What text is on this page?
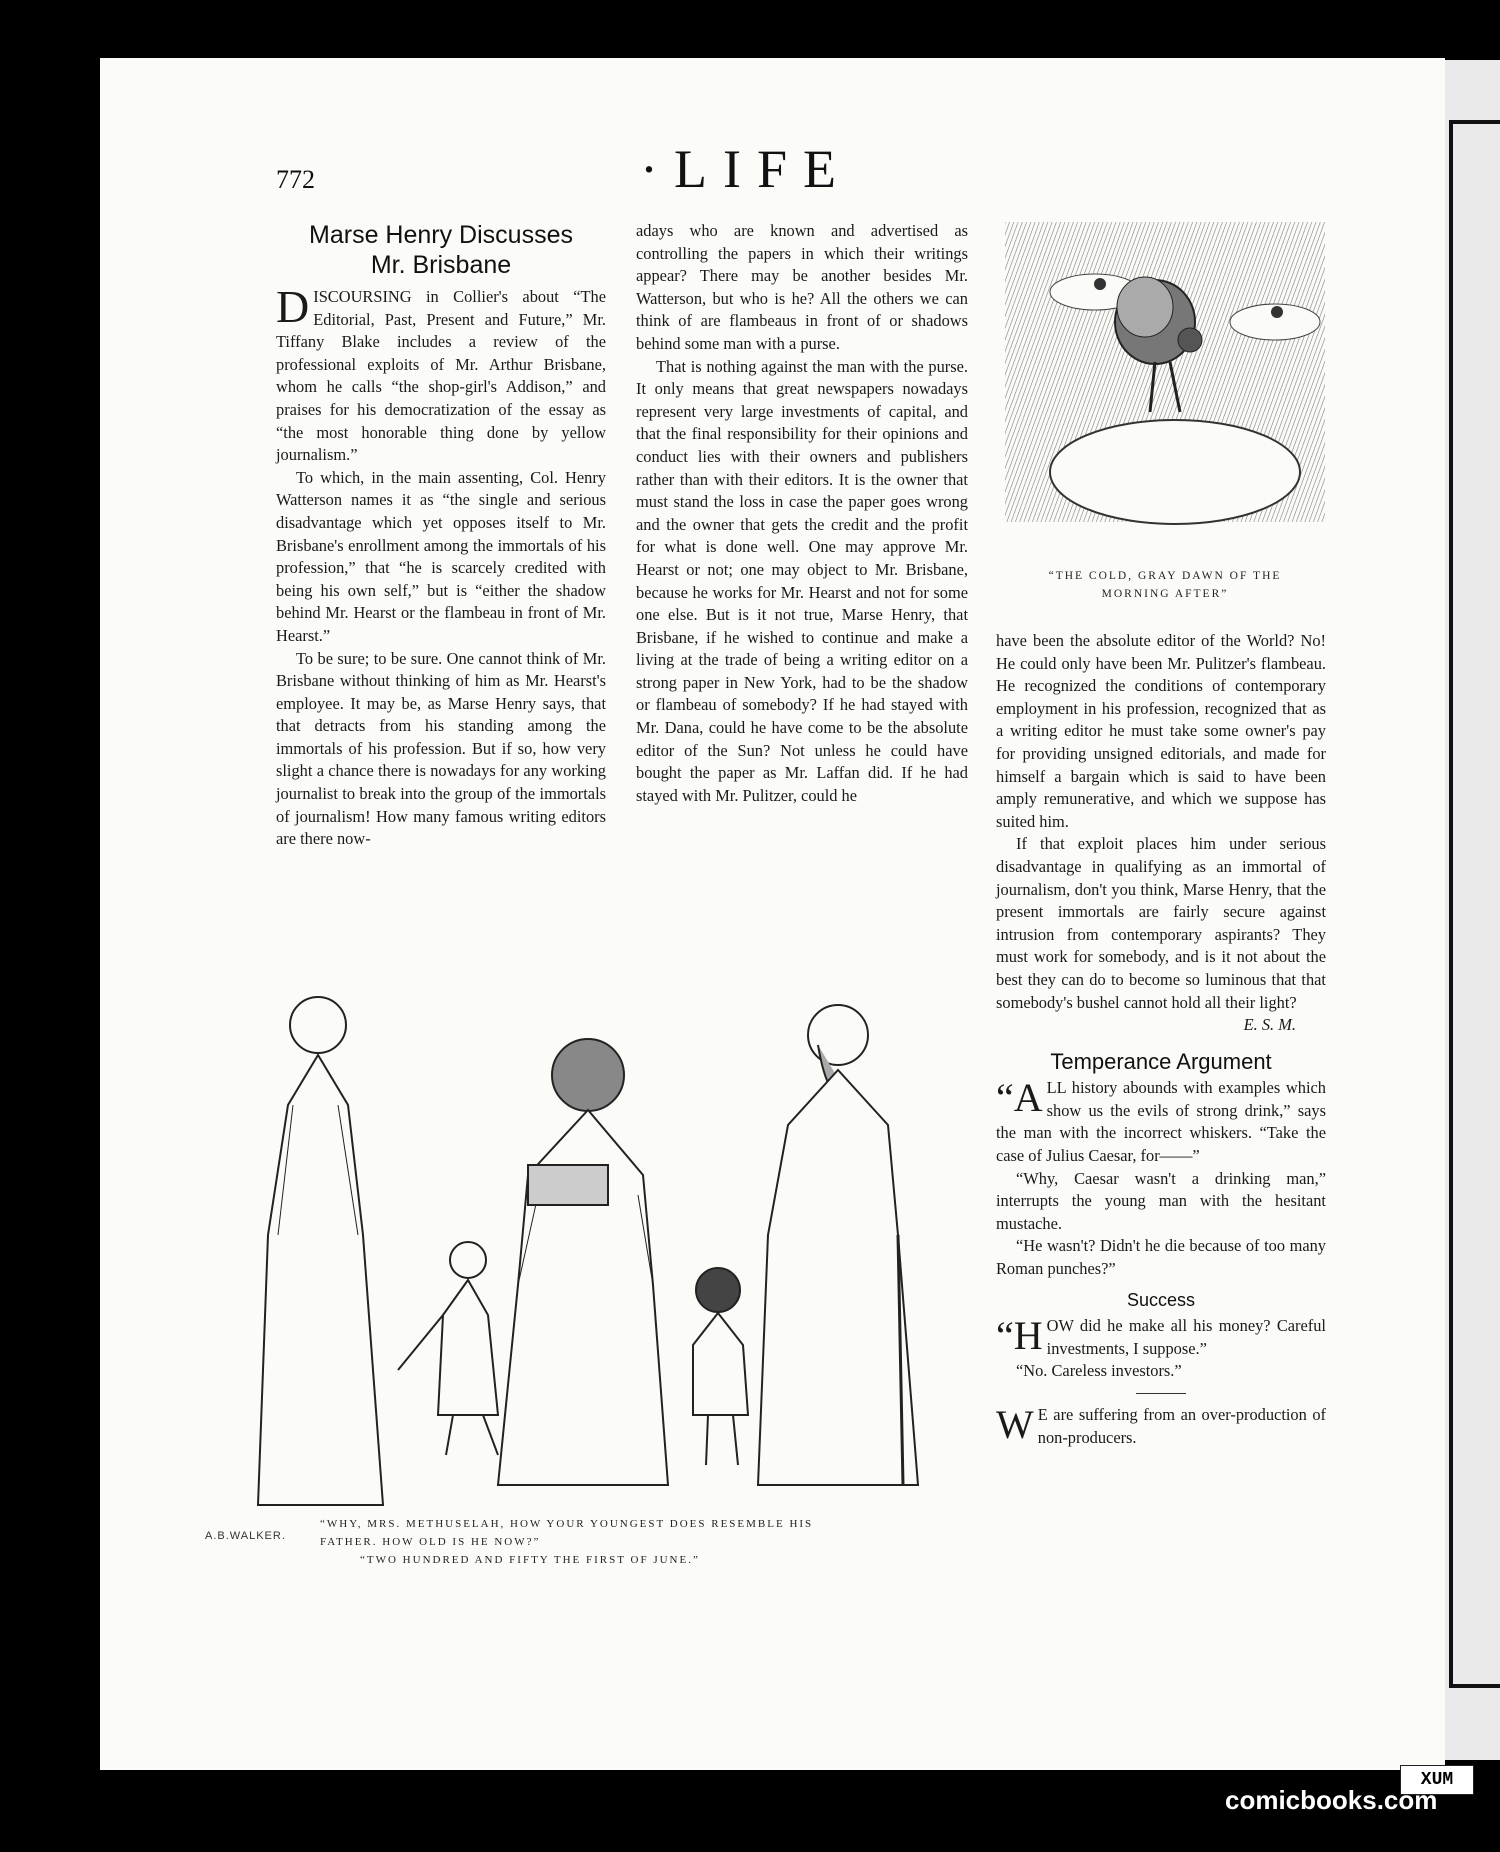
772	·LIFE
Marse Henry Discusses
Mr. Brisbane

DISCOURSING in Collier's about “The Editorial, Past, Present and Future,” Mr. Tiffany Blake includes a review of the professional exploits of Mr. Arthur Brisbane, whom he calls “the shop-girl's Addison,” and praises for his democratization of the essay as “the most honorable thing done by yellow journalism.”

To which, in the main assenting, Col. Henry Watterson names it as “the single and serious disadvantage which yet opposes itself to Mr. Brisbane's enrollment among the immortals of his profession,” that “he is scarcely credited with being his own self,” but is “either the shadow behind Mr. Hearst or the flambeau in front of Mr. Hearst.”

To be sure; to be sure. One cannot think of Mr. Brisbane without thinking of him as Mr. Hearst's employee. It may be, as Marse Henry says, that that detracts from his standing among the immortals of his profession. But if so, how very slight a chance there is nowadays for any working journalist to break into the group of the immortals of journalism! How many famous writing editors are there now-

adays who are known and advertised as controlling the papers in which their writings appear? There may be another besides Mr. Watterson, but who is he? All the others we can think of are flambeaus in front of or shadows behind some man with a purse.

That is nothing against the man with the purse. It only means that great newspapers nowadays represent very large investments of capital, and that the final responsibility for their opinions and conduct lies with their owners and publishers rather than with their editors. It is the owner that must stand the loss in case the paper goes wrong and the owner that gets the credit and the profit for what is done well. One may approve Mr. Hearst or not; one may object to Mr. Brisbane, because he works for Mr. Hearst and not for some one else. But is it not true, Marse Henry, that Brisbane, if he wished to continue and make a living at the trade of being a writing editor on a strong paper in New York, had to be the shadow or flambeau of somebody? If he had stayed with Mr. Dana, could he have come to be the absolute editor of the Sun? Not unless he could have bought the paper as Mr. Laffan did. If he had stayed with Mr. Pulitzer, could he

“THE COLD, GRAY DAWN OF THE
MORNING AFTER”

have been the absolute editor of the World? No! He could only have been Mr. Pulitzer's flambeau. He recognized the conditions of contemporary employment in his profession, recognized that as a writing editor he must take some owner's pay for providing unsigned editorials, and made for himself a bargain which is said to have been amply remunerative, and which we suppose has suited him.

If that exploit places him under serious disadvantage in qualifying as an immortal of journalism, don't you think, Marse Henry, that the present immortals are fairly secure against intrusion from contemporary aspirants? They must work for somebody, and is it not about the best they can do to become so luminous that that somebody's bushel cannot hold all their light?

E. S. M.
Temperance Argument

“ALL history abounds with examples which show us the evils of strong drink,” says the man with the incorrect whiskers. “Take the case of Julius Caesar, for——”

“Why, Caesar wasn't a drinking man,” interrupts the young man with the hesitant mustache.

“He wasn't? Didn't he die because of too many Roman punches?”

Success

“HOW did he make all his money? Careful investments, I suppose.”

“No. Careless investors.”

W E are suffering from an over-production of non-producers.

A.B.WALKER.
“WHY, MRS. METHUSELAH, HOW YOUR YOUNGEST DOES RESEMBLE HIS
FATHER. HOW OLD IS HE NOW?”
“TWO HUNDRED AND FIFTY THE FIRST OF JUNE.”
XUM
comicbooks.com
